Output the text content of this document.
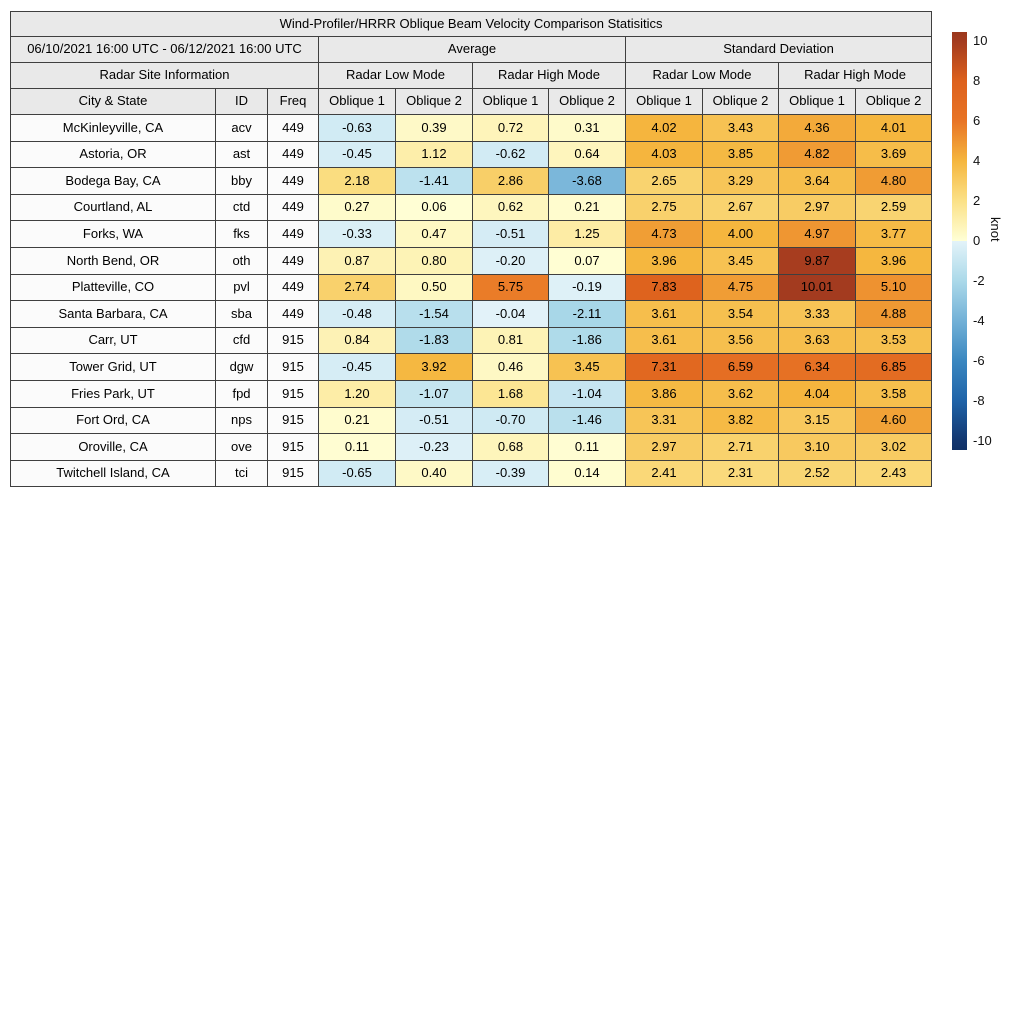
Wind-Profiler/HRRR Oblique Beam Velocity Comparison Statisitics										
06/10/2021 16:00 UTC - 06/12/2021 16:00 UTC			Average				Standard Deviation			
Radar Site Information			Radar Low Mode		Radar High Mode		Radar Low Mode		Radar High Mode	
City & State	ID	Freq	Oblique 1	Oblique 2	Oblique 1	Oblique 2	Oblique 1	Oblique 2	Oblique 1	Oblique 2
McKinleyville, CA	acv	449	-0.63	0.39	0.72	0.31	4.02	3.43	4.36	4.01
Astoria, OR	ast	449	-0.45	1.12	-0.62	0.64	4.03	3.85	4.82	3.69
Bodega Bay, CA	bby	449	2.18	-1.41	2.86	-3.68	2.65	3.29	3.64	4.80
Courtland, AL	ctd	449	0.27	0.06	0.62	0.21	2.75	2.67	2.97	2.59
Forks, WA	fks	449	-0.33	0.47	-0.51	1.25	4.73	4.00	4.97	3.77
North Bend, OR	oth	449	0.87	0.80	-0.20	0.07	3.96	3.45	9.87	3.96
Platteville, CO	pvl	449	2.74	0.50	5.75	-0.19	7.83	4.75	10.01	5.10
Santa Barbara, CA	sba	449	-0.48	-1.54	-0.04	-2.11	3.61	3.54	3.33	4.88
Carr, UT	cfd	915	0.84	-1.83	0.81	-1.86	3.61	3.56	3.63	3.53
Tower Grid, UT	dgw	915	-0.45	3.92	0.46	3.45	7.31	6.59	6.34	6.85
Fries Park, UT	fpd	915	1.20	-1.07	1.68	-1.04	3.86	3.62	4.04	3.58
Fort Ord, CA	nps	915	0.21	-0.51	-0.70	-1.46	3.31	3.82	3.15	4.60
Oroville, CA	ove	915	0.11	-0.23	0.68	0.11	2.97	2.71	3.10	3.02
Twitchell Island, CA	tci	915	-0.65	0.40	-0.39	0.14	2.41	2.31	2.52	2.43
knot
10
8
6
4
2
0
-2
-4
-6
-8
-10
